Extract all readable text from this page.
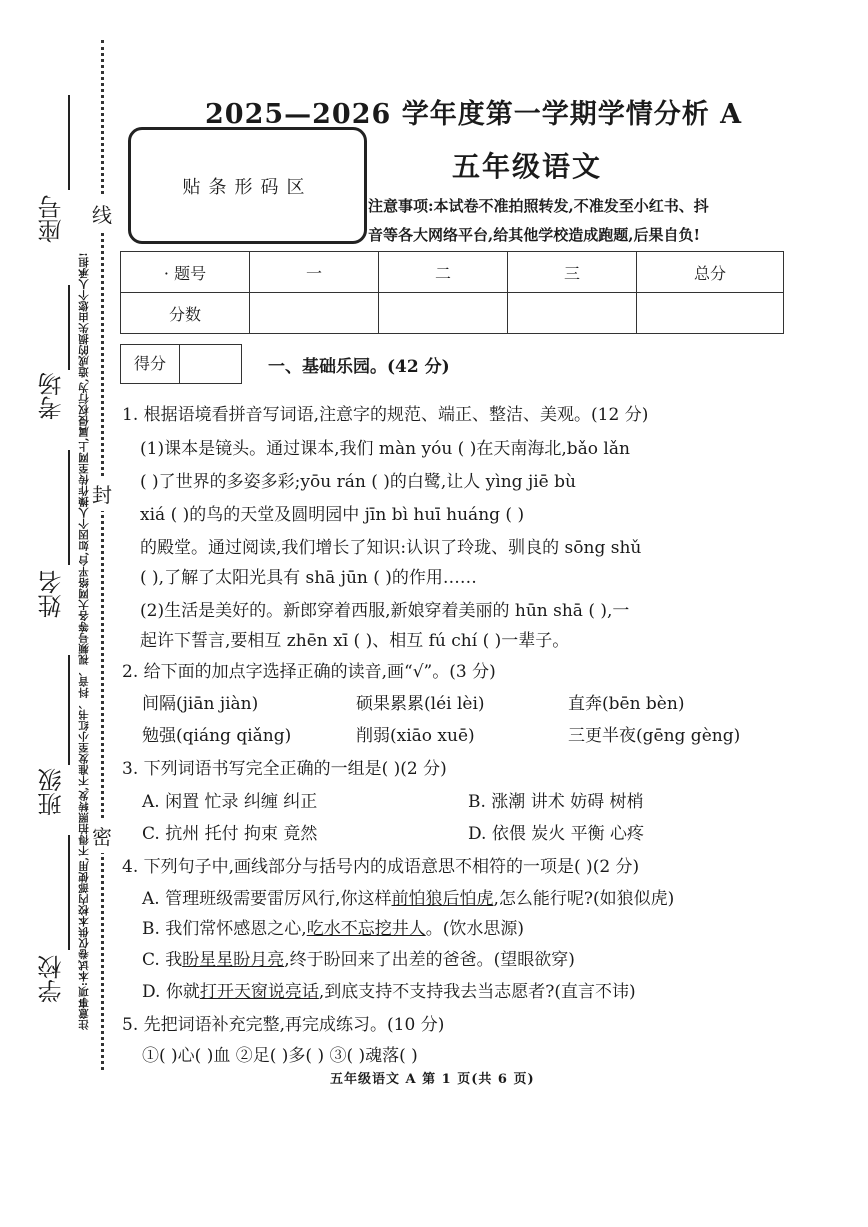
注意事项:本试卷仅供本校内部使用,不得拍照转发,不准发至小红书、抖音、视频号等各大网络平台,如因个人操作传至网上,属侵权行为,造成的损失由您个人承担!
座号
考场
姓名
班级
学校
线
封
密
2025—2026 学年度第一学期学情分析 A
贴条形码区
五年级语文
注意事项:本试卷不准拍照转发,不准发至小红书、抖
音等各大网络平台,给其他学校造成跑题,后果自负!
· 题号	一	二	三	总分
分数				
得分	一、基础乐园。(42 分)
1. 根据语境看拼音写词语,注意字的规范、端正、整洁、美观。(12 分)
(1)课本是镜头。通过课本,我们 màn yóu ( )在天南海北,bǎo lǎn
( )了世界的多姿多彩;yōu rán ( )的白鹭,让人 yìng jiē bù
xiá ( )的鸟的天堂及圆明园中 jīn bì huī huáng ( )
的殿堂。通过阅读,我们增长了知识:认识了玲珑、驯良的 sōng shǔ
( ),了解了太阳光具有 shā jūn ( )的作用……
(2)生活是美好的。新郎穿着西服,新娘穿着美丽的 hūn shā ( ),一
起许下誓言,要相互 zhēn xī ( )、相互 fú chí ( )一辈子。
2. 给下面的加点字选择正确的读音,画“√”。(3 分)
间隔(jiān jiàn)	硕果累累(léi lèi)	直奔(bēn bèn)
勉强(qiáng qiǎng)	削弱(xiāo xuē)	三更半夜(gēng gèng)
3. 下列词语书写完全正确的一组是( )(2 分)
A. 闲置 忙录 纠缠 纠正	B. 涨潮 讲术 妨碍 树梢
C. 抗州 托付 拘束 竟然	D. 依偎 炭火 平衡 心疼
4. 下列句子中,画线部分与括号内的成语意思不相符的一项是( )(2 分)
A. 管理班级需要雷厉风行,你这样前怕狼后怕虎,怎么能行呢?(如狼似虎)
B. 我们常怀感恩之心,吃水不忘挖井人。(饮水思源)
C. 我盼星星盼月亮,终于盼回来了出差的爸爸。(望眼欲穿)
D. 你就打开天窗说亮话,到底支持不支持我去当志愿者?(直言不讳)
5. 先把词语补充完整,再完成练习。(10 分)
①( )心( )血 ②足( )多( ) ③( )魂落( )
五年级语文 A 第 1 页(共 6 页)
